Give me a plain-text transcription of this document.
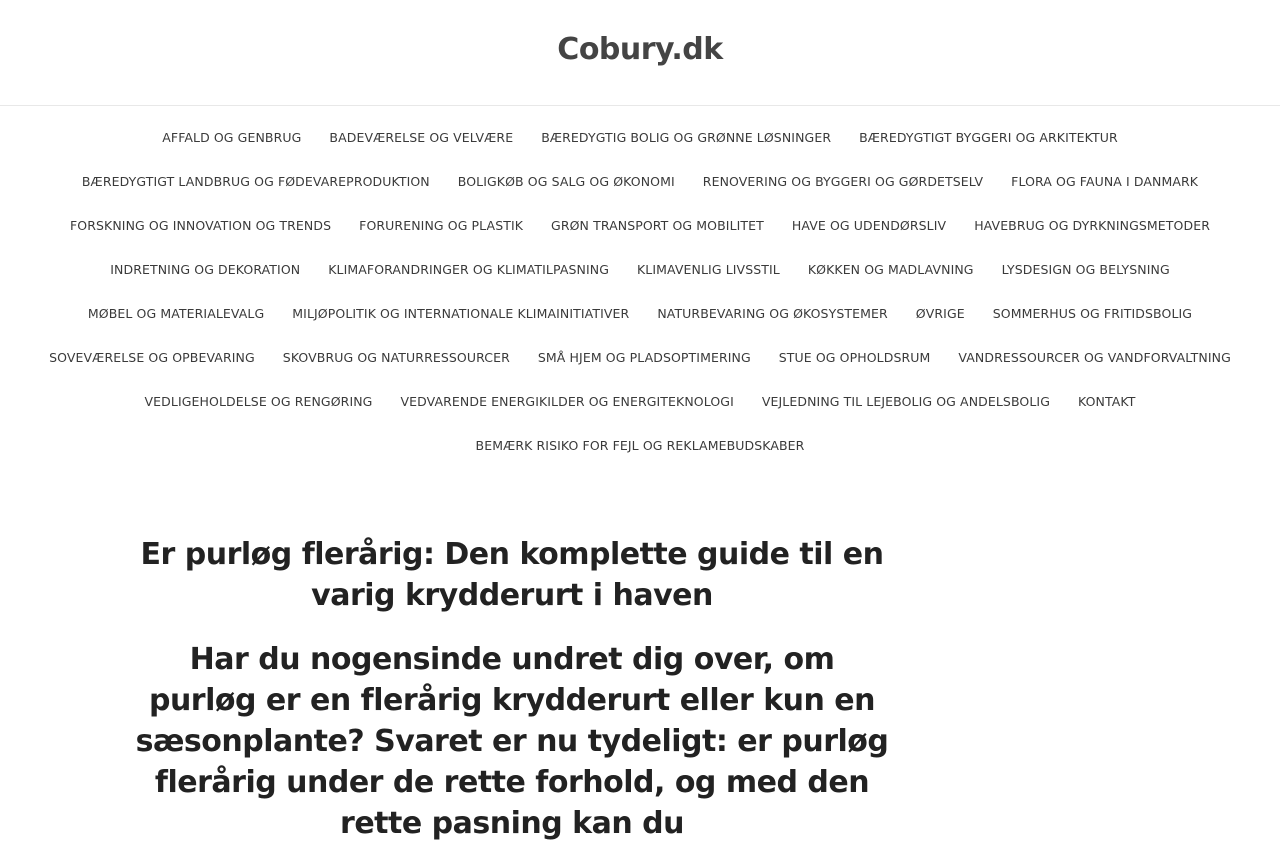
Cobury.dk
AFFALD OG GENBRUG	BADEVÆRELSE OG VELVÆRE	BÆREDYGTIG BOLIG OG GRØNNE LØSNINGER	BÆREDYGTIGT BYGGERI OG ARKITEKTUR
BÆREDYGTIGT LANDBRUG OG FØDEVAREPRODUKTION	BOLIGKØB OG SALG OG ØKONOMI	RENOVERING OG BYGGERI OG GØRDETSELV	FLORA OG FAUNA I DANMARK
FORSKNING OG INNOVATION OG TRENDS	FORURENING OG PLASTIK	GRØN TRANSPORT OG MOBILITET	HAVE OG UDENDØRSLIV	HAVEBRUG OG DYRKNINGSMETODER
INDRETNING OG DEKORATION	KLIMAFORANDRINGER OG KLIMATILPASNING	KLIMAVENLIG LIVSSTIL	KØKKEN OG MADLAVNING	LYSDESIGN OG BELYSNING
MØBEL OG MATERIALEVALG	MILJØPOLITIK OG INTERNATIONALE KLIMAINITIATIVER	NATURBEVARING OG ØKOSYSTEMER	ØVRIGE	SOMMERHUS OG FRITIDSBOLIG
SOVEVÆRELSE OG OPBEVARING	SKOVBRUG OG NATURRESSOURCER	SMÅ HJEM OG PLADSOPTIMERING	STUE OG OPHOLDSRUM	VANDRESSOURCER OG VANDFORVALTNING
VEDLIGEHOLDELSE OG RENGØRING	VEDVARENDE ENERGIKILDER OG ENERGITEKNOLOGI	VEJLEDNING TIL LEJEBOLIG OG ANDELSBOLIG	KONTAKT
BEMÆRK RISIKO FOR FEJL OG REKLAMEBUDSKABER
Er purløg flerårig: Den komplette guide til en varig krydderurt i haven
Har du nogensinde undret dig over, om purløg er en flerårig krydderurt eller kun en sæsonplante? Svaret er nu tydeligt: er purløg flerårig under de rette forhold, og med den rette pasning kan du
